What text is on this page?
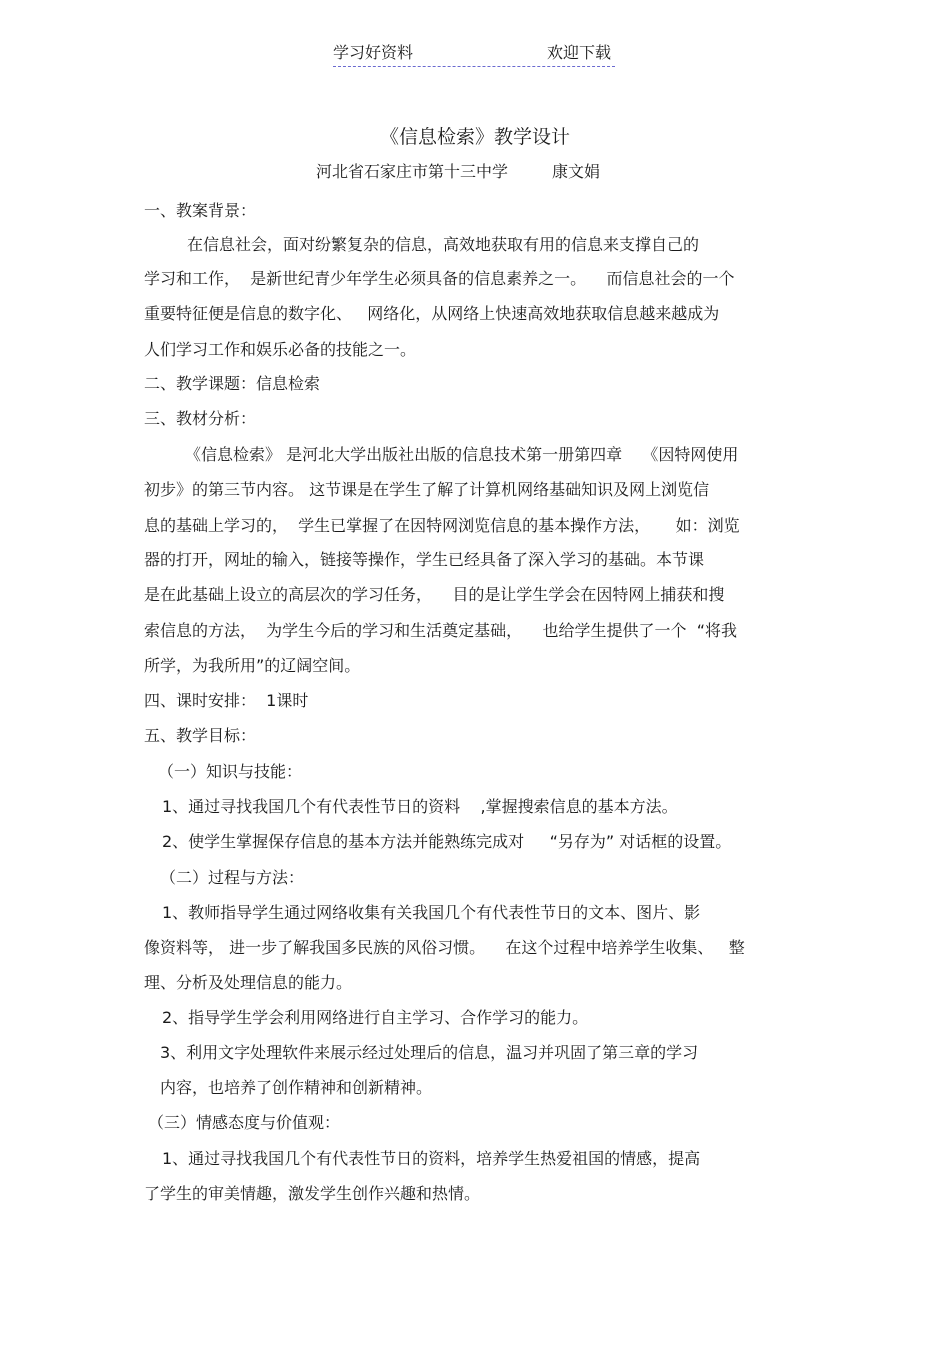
学习好资料	欢迎下载
《信息检索》教学设计
河北省石家庄市第十三中学	康文娟
一、教案背景：
在信息社会，面对纷繁复杂的信息，高效地获取有用的信息来支撑自己的
学习和工作，  是新世纪青少年学生必须具备的信息素养之一。    而信息社会的一个
重要特征便是信息的数字化、   网络化，从网络上快速高效地获取信息越来越成为
人们学习工作和娱乐必备的技能之一。
二、教学课题：信息检索
三、教材分析：
《信息检索》 是河北大学出版社出版的信息技术第一册第四章    《因特网使用
初步》的第三节内容。 这节课是在学生了解了计算机网络基础知识及网上浏览信
息的基础上学习的，  学生已掌握了在因特网浏览信息的基本操作方法，     如：浏览
器的打开，网址的输入，链接等操作，学生已经具备了深入学习的基础。本节课
是在此基础上设立的高层次的学习任务，    目的是让学生学会在因特网上捕获和搜
索信息的方法，  为学生今后的学习和生活奠定基础，    也给学生提供了一个  “将我
所学，为我所用”的辽阔空间。
四、课时安排：  1课时
五、教学目标：
（一）知识与技能：
1、通过寻找我国几个有代表性节日的资料    ,掌握搜索信息的基本方法。
2、使学生掌握保存信息的基本方法并能熟练完成对     “另存为” 对话框的设置。
（二）过程与方法：
1、教师指导学生通过网络收集有关我国几个有代表性节日的文本、图片、影
像资料等， 进一步了解我国多民族的风俗习惯。    在这个过程中培养学生收集、   整
理、分析及处理信息的能力。
2、指导学生学会利用网络进行自主学习、合作学习的能力。
3、利用文字处理软件来展示经过处理后的信息，温习并巩固了第三章的学习
内容，也培养了创作精神和创新精神。
（三）情感态度与价值观：
1、通过寻找我国几个有代表性节日的资料，培养学生热爱祖国的情感，提高
了学生的审美情趣，激发学生创作兴趣和热情。
